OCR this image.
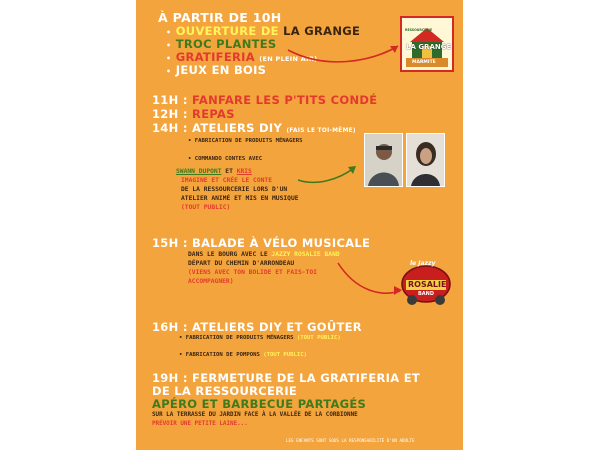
À PARTIR DE 10H
• OUVERTURE DE LA GRANGE
• TROC PLANTES
• GRATIFERIA (EN PLEIN AIR)
• JEUX EN BOIS
RESSOURCERIE
LA GRANGE
MARMITE
11H : FANFARE LES P'TITS CONDÉ
12H : REPAS
14H : ATELIERS DIY (FAIS LE TOI-MÊME)
• FABRICATION DE PRODUITS MÉNAGERS
• COMMANDO CONTES AVEC
SWANN DUPONT ET KRIS
IMAGINE ET CRÉE LE CONTE
DE LA RESSOURCERIE LORS D'UN
ATELIER ANIMÉ ET MIS EN MUSIQUE
(TOUT PUBLIC)
15H : BALADE À VÉLO MUSICALE
DANS LE BOURG AVEC LE JAZZY ROSALIE BAND
DÉPART DU CHEMIN D'ARRONDEAU
(VIENS AVEC TON BOLIDE ET FAIS-TOI
ACCOMPAGNER)
le Jazzy
ROSALIE
BAND
16H : ATELIERS DIY ET GOÛTER
• FABRICATION DE PRODUITS MÉNAGERS (TOUT PUBLIC)
• FABRICATION DE POMPONS (TOUT PUBLIC)
19H : FERMETURE DE LA GRATIFERIA ET
DE LA RESSOURCERIE
APÉRO ET BARBECUE PARTAGÉS
SUR LA TERRASSE DU JARDIN FACE À LA VALLÉE DE LA CORBIONNE
PRÉVOIR UNE PETITE LAINE...
LES ENFANTS SONT SOUS LA RESPONSABILITÉ D'UN ADULTE
